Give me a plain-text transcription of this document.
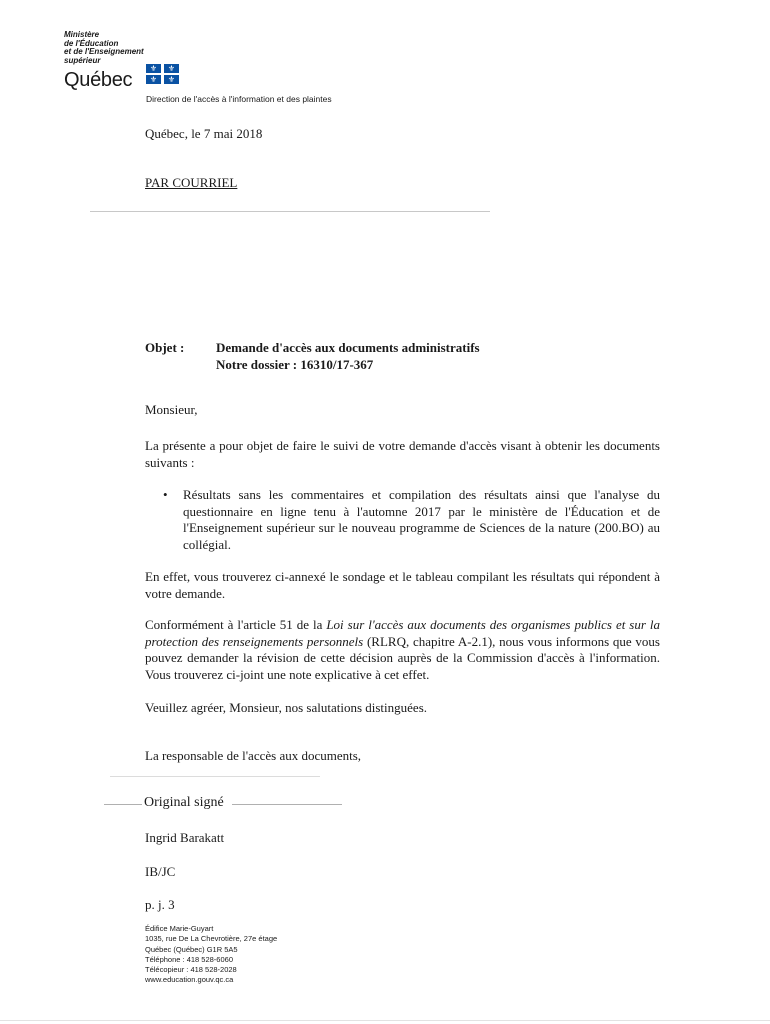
Ministère
de l'Éducation
et de l'Enseignement
supérieur
Québec
⚜	⚜
⚜	⚜
Direction de l'accès à l'information et des plaintes
Québec, le 7 mai 2018
PAR COURRIEL
Objet : Demande d'accès aux documents administratifs
Notre dossier : 16310/17-367
Monsieur,
La présente a pour objet de faire le suivi de votre demande d'accès visant à obtenir les documents suivants :
• Résultats sans les commentaires et compilation des résultats ainsi que l'analyse du questionnaire en ligne tenu à l'automne 2017 par le ministère de l'Éducation et de l'Enseignement supérieur sur le nouveau programme de Sciences de la nature (200.BO) au collégial.
En effet, vous trouverez ci-annexé le sondage et le tableau compilant les résultats qui répondent à votre demande.
Conformément à l'article 51 de la Loi sur l'accès aux documents des organismes publics et sur la protection des renseignements personnels (RLRQ, chapitre A-2.1), nous vous informons que vous pouvez demander la révision de cette décision auprès de la Commission d'accès à l'information. Vous trouverez ci-joint une note explicative à cet effet.
Veuillez agréer, Monsieur, nos salutations distinguées.
La responsable de l'accès aux documents,
Original signé
Ingrid Barakatt
IB/JC
p. j. 3
Édifice Marie-Guyart
1035, rue De La Chevrotière, 27e étage
Québec (Québec) G1R 5A5
Téléphone : 418 528-6060
Télécopieur : 418 528-2028
www.education.gouv.qc.ca
